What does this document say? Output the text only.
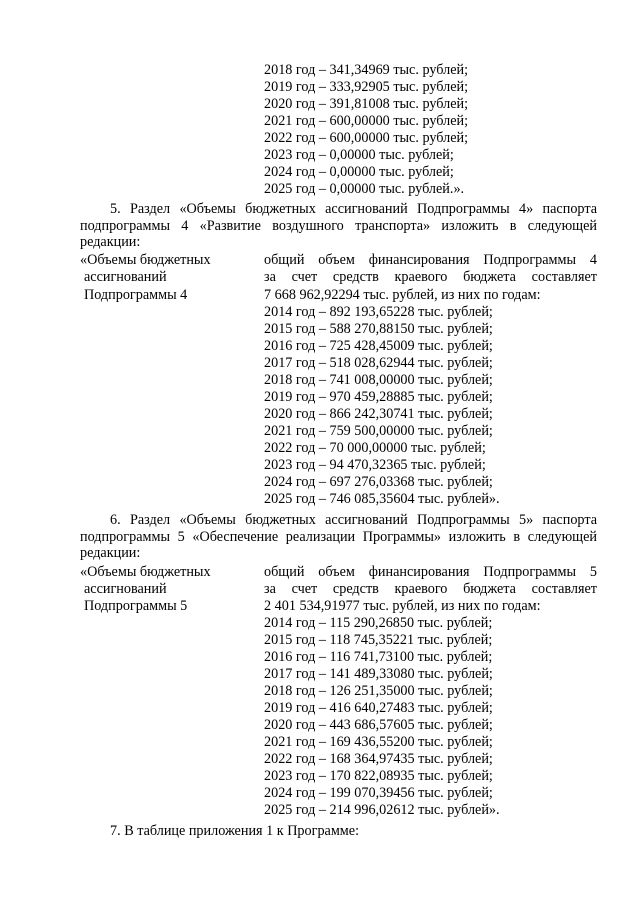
2018 год – 341,34969 тыс. рублей;
2019 год – 333,92905 тыс. рублей;
2020 год – 391,81008 тыс. рублей;
2021 год – 600,00000 тыс. рублей;
2022 год – 600,00000 тыс. рублей;
2023 год – 0,00000 тыс. рублей;
2024 год – 0,00000 тыс. рублей;
2025 год – 0,00000 тыс. рублей.».

5. Раздел «Объемы бюджетных ассигнований Подпрограммы 4» паспорта подпрограммы 4 «Развитие воздушного транспорта» изложить в следующей редакции:

«Объемы бюджетных
ассигнований
Подпрограммы 4
общий объем финансирования Подпрограммы 4
за счет средств краевого бюджета составляет
7 668 962,92294 тыс. рублей, из них по годам:
2014 год – 892 193,65228 тыс. рублей;
2015 год – 588 270,88150 тыс. рублей;
2016 год – 725 428,45009 тыс. рублей;
2017 год – 518 028,62944 тыс. рублей;
2018 год – 741 008,00000 тыс. рублей;
2019 год – 970 459,28885 тыс. рублей;
2020 год – 866 242,30741 тыс. рублей;
2021 год – 759 500,00000 тыс. рублей;
2022 год – 70 000,00000 тыс. рублей;
2023 год – 94 470,32365 тыс. рублей;
2024 год – 697 276,03368 тыс. рублей;
2025 год – 746 085,35604 тыс. рублей».

6. Раздел «Объемы бюджетных ассигнований Подпрограммы 5» паспорта подпрограммы 5 «Обеспечение реализации Программы» изложить в следующей редакции:

«Объемы бюджетных
ассигнований
Подпрограммы 5
общий объем финансирования Подпрограммы 5
за счет средств краевого бюджета составляет
2 401 534,91977 тыс. рублей, из них по годам:
2014 год – 115 290,26850 тыс. рублей;
2015 год – 118 745,35221 тыс. рублей;
2016 год – 116 741,73100 тыс. рублей;
2017 год – 141 489,33080 тыс. рублей;
2018 год – 126 251,35000 тыс. рублей;
2019 год – 416 640,27483 тыс. рублей;
2020 год – 443 686,57605 тыс. рублей;
2021 год – 169 436,55200 тыс. рублей;
2022 год – 168 364,97435 тыс. рублей;
2023 год – 170 822,08935 тыс. рублей;
2024 год – 199 070,39456 тыс. рублей;
2025 год – 214 996,02612 тыс. рублей».
7. В таблице приложения 1 к Программе:
